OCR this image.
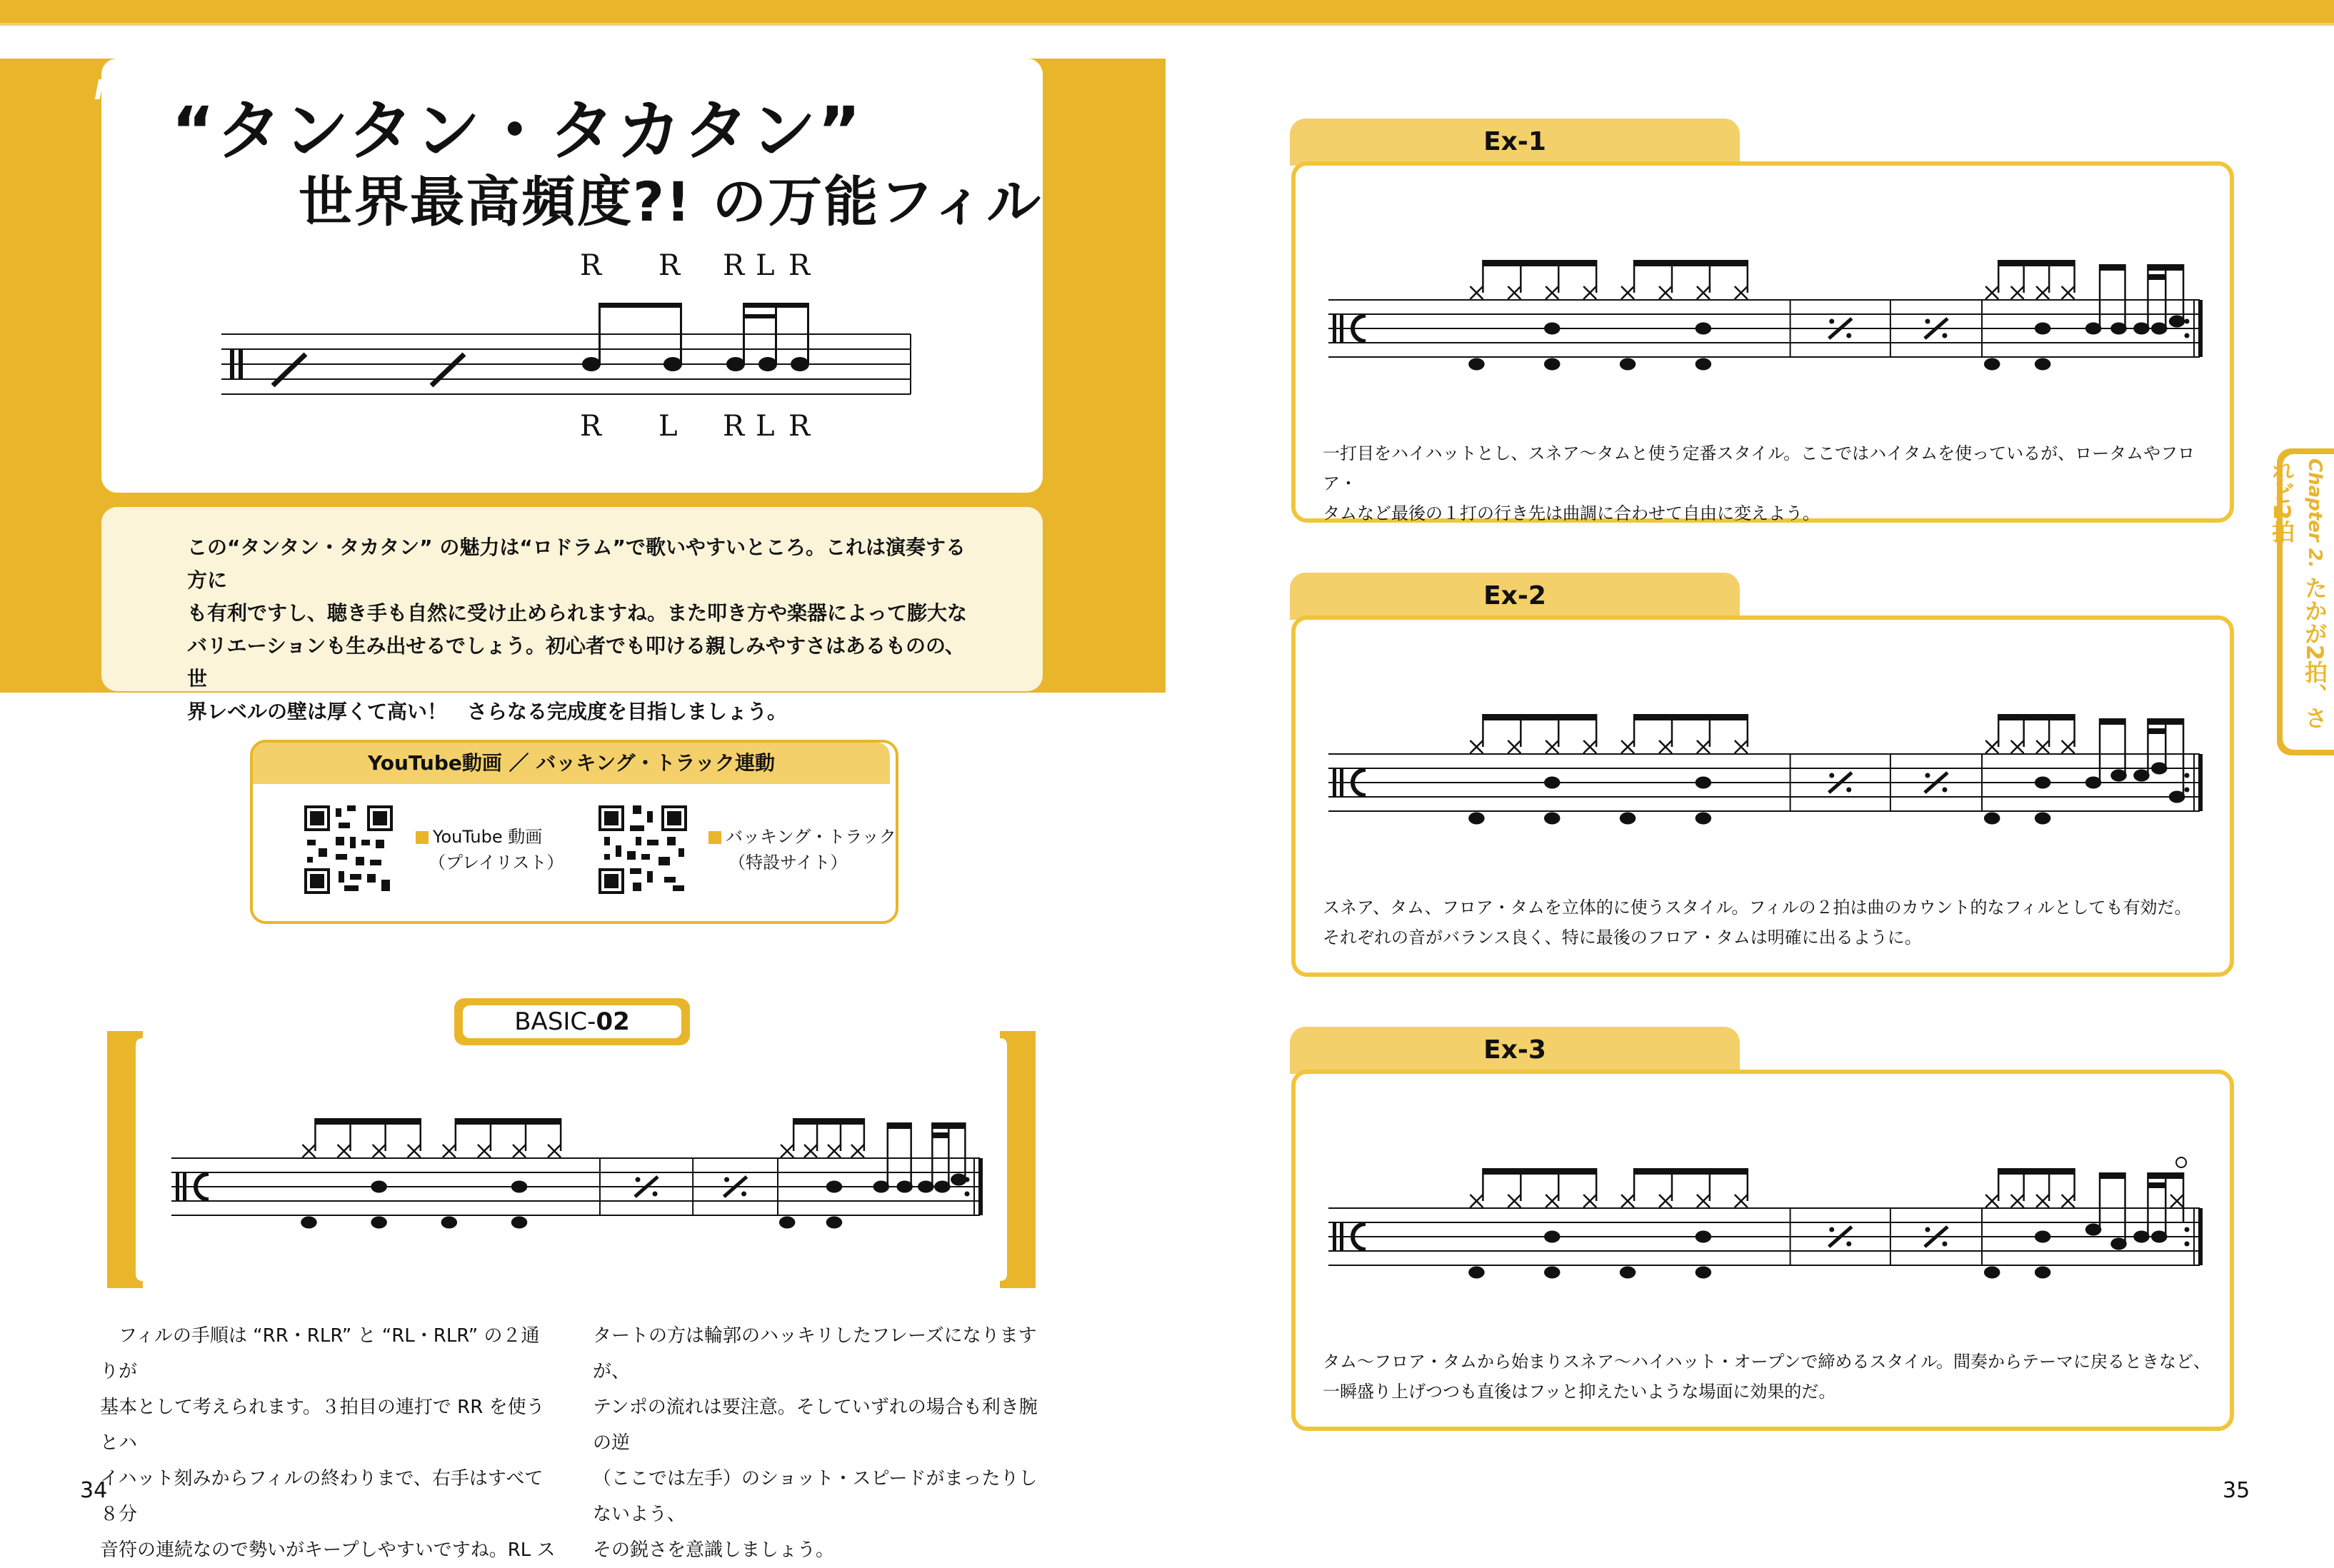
No.2
“タンタン・タカタン”
世界最高頻度?! の万能フィル
R R R L R
R L R L R
この“タンタン・タカタン” の魅力は“ロドラム”で歌いやすいところ。これは演奏する方に
も有利ですし、聴き手も自然に受け止められますね。また叩き方や楽器によって膨大な
バリエーションも生み出せるでしょう。初心者でも叩ける親しみやすさはあるものの、世
界レベルの壁は厚くて高い！　さらなる完成度を目指しましょう。
YouTube動画 ／ バッキング・トラック連動
YouTube 動画
（プレイリスト）
バッキング・トラック
（特設サイト）
BASIC-02
　フィルの手順は “RR・RLR” と “RL・RLR” の２通りが
基本として考えられます。３拍目の連打で RR を使うとハ
イハット刻みからフィルの終わりまで、右手はすべて８分
音符の連続なので勢いがキープしやすいですね。RL ス
タートの方は輪郭のハッキリしたフレーズになりますが、
テンポの流れは要注意。そしていずれの場合も利き腕の逆
（ここでは左手）のショット・スピードがまったりしないよう、
その鋭さを意識しましょう。
34	35
Ex-1
一打目をハイハットとし、スネア～タムと使う定番スタイル。ここではハイタムを使っているが、ロータムやフロア・
タムなど最後の１打の行き先は曲調に合わせて自由に変えよう。
Ex-2
スネア、タム、フロア・タムを立体的に使うスタイル。フィルの２拍は曲のカウント的なフィルとしても有効だ。
それぞれの音がバランス良く、特に最後のフロア・タムは明確に出るように。
Ex-3
タム～フロア・タムから始まりスネア～ハイハット・オープンで締めるスタイル。間奏からテーマに戻るときなど、
一瞬盛り上げつつも直後はフッと抑えたいような場面に効果的だ。
Chapter 2. たかが2拍、されど2拍
